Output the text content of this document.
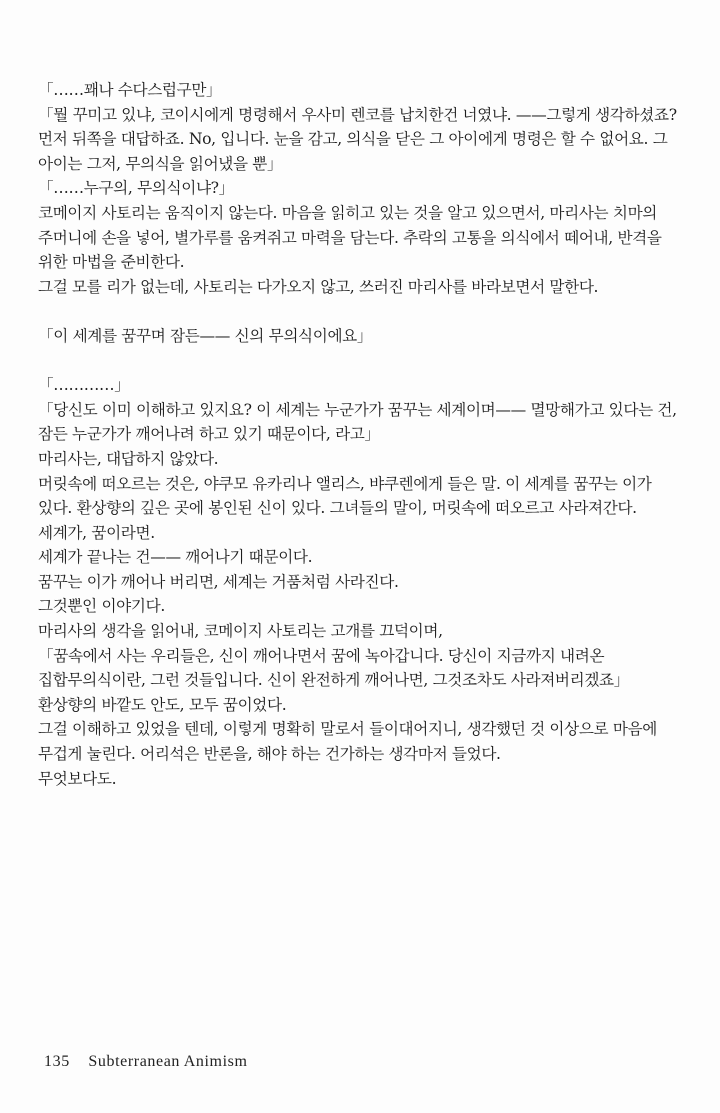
「……꽤나 수다스럽구만」

「뭘 꾸미고 있냐, 코이시에게 명령해서 우사미 렌코를 납치한건 너였냐. ——그렇게 생각하셨죠? 먼저 뒤쪽을 대답하죠. No, 입니다. 눈을 감고, 의식을 닫은 그 아이에게 명령은 할 수 없어요. 그 아이는 그저, 무의식을 읽어냈을 뿐」

「……누구의, 무의식이냐?」

코메이지 사토리는 움직이지 않는다. 마음을 읽히고 있는 것을 알고 있으면서, 마리사는 치마의 주머니에 손을 넣어, 별가루를 움켜쥐고 마력을 담는다. 추락의 고통을 의식에서 떼어내, 반격을 위한 마법을 준비한다.

그걸 모를 리가 없는데, 사토리는 다가오지 않고, 쓰러진 마리사를 바라보면서 말한다.

「이 세계를 꿈꾸며 잠든—— 신의 무의식이에요」

「…………」

「당신도 이미 이해하고 있지요? 이 세계는 누군가가 꿈꾸는 세계이며—— 멸망해가고 있다는 건, 잠든 누군가가 깨어나려 하고 있기 때문이다, 라고」

마리사는, 대답하지 않았다.

머릿속에 떠오르는 것은, 야쿠모 유카리나 앨리스, 뱌쿠렌에게 들은 말. 이 세계를 꿈꾸는 이가 있다. 환상향의 깊은 곳에 봉인된 신이 있다. 그녀들의 말이, 머릿속에 떠오르고 사라져간다.

세계가, 꿈이라면.

세계가 끝나는 건—— 깨어나기 때문이다.

꿈꾸는 이가 깨어나 버리면, 세계는 거품처럼 사라진다.

그것뿐인 이야기다.

마리사의 생각을 읽어내, 코메이지 사토리는 고개를 끄덕이며,

「꿈속에서 사는 우리들은, 신이 깨어나면서 꿈에 녹아갑니다. 당신이 지금까지 내려온 집합무의식이란, 그런 것들입니다. 신이 완전하게 깨어나면, 그것조차도 사라져버리겠죠」

환상향의 바깥도 안도, 모두 꿈이었다.

그걸 이해하고 있었을 텐데, 이렇게 명확히 말로서 들이대어지니, 생각했던 것 이상으로 마음에 무겁게 눌린다. 어리석은 반론을, 해야 하는 건가하는 생각마저 들었다.

무엇보다도.

135 Subterranean Animism
